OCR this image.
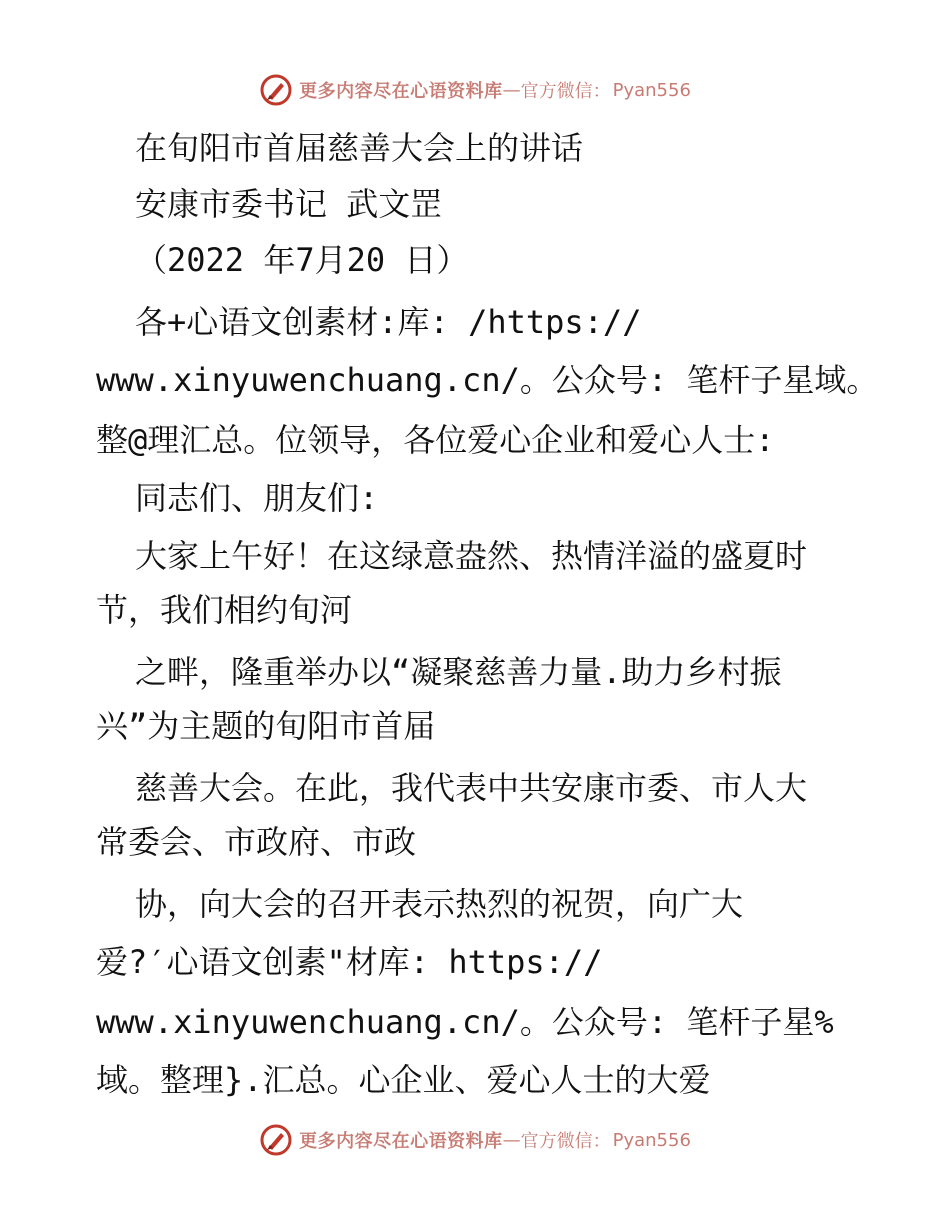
更多内容尽在心语资料库 — 官方微信： Pyan556
在旬阳市首届慈善大会上的讲话
安康市委书记 武文罡
（2022 年7月20 日）
各+心语文创素材:库: /https://
www.xinyuwenchuang.cn/。公众号: 笔杆子星域。
整@理汇总。位领导，各位爱心企业和爱心人士:
同志们、朋友们:
大家上午好！在这绿意盎然、热情洋溢的盛夏时
节，我们相约旬河
之畔，隆重举办以“凝聚慈善力量.助力乡村振
兴”为主题的旬阳市首届
慈善大会。在此，我代表中共安康市委、市人大
常委会、市政府、市政
协，向大会的召开表示热烈的祝贺，向广大
爱?′心语文创素"材库: https://
www.xinyuwenchuang.cn/。公众号: 笔杆子星%
域。整理}.汇总。心企业、爱心人士的大爱
更多内容尽在心语资料库 — 官方微信： Pyan556
